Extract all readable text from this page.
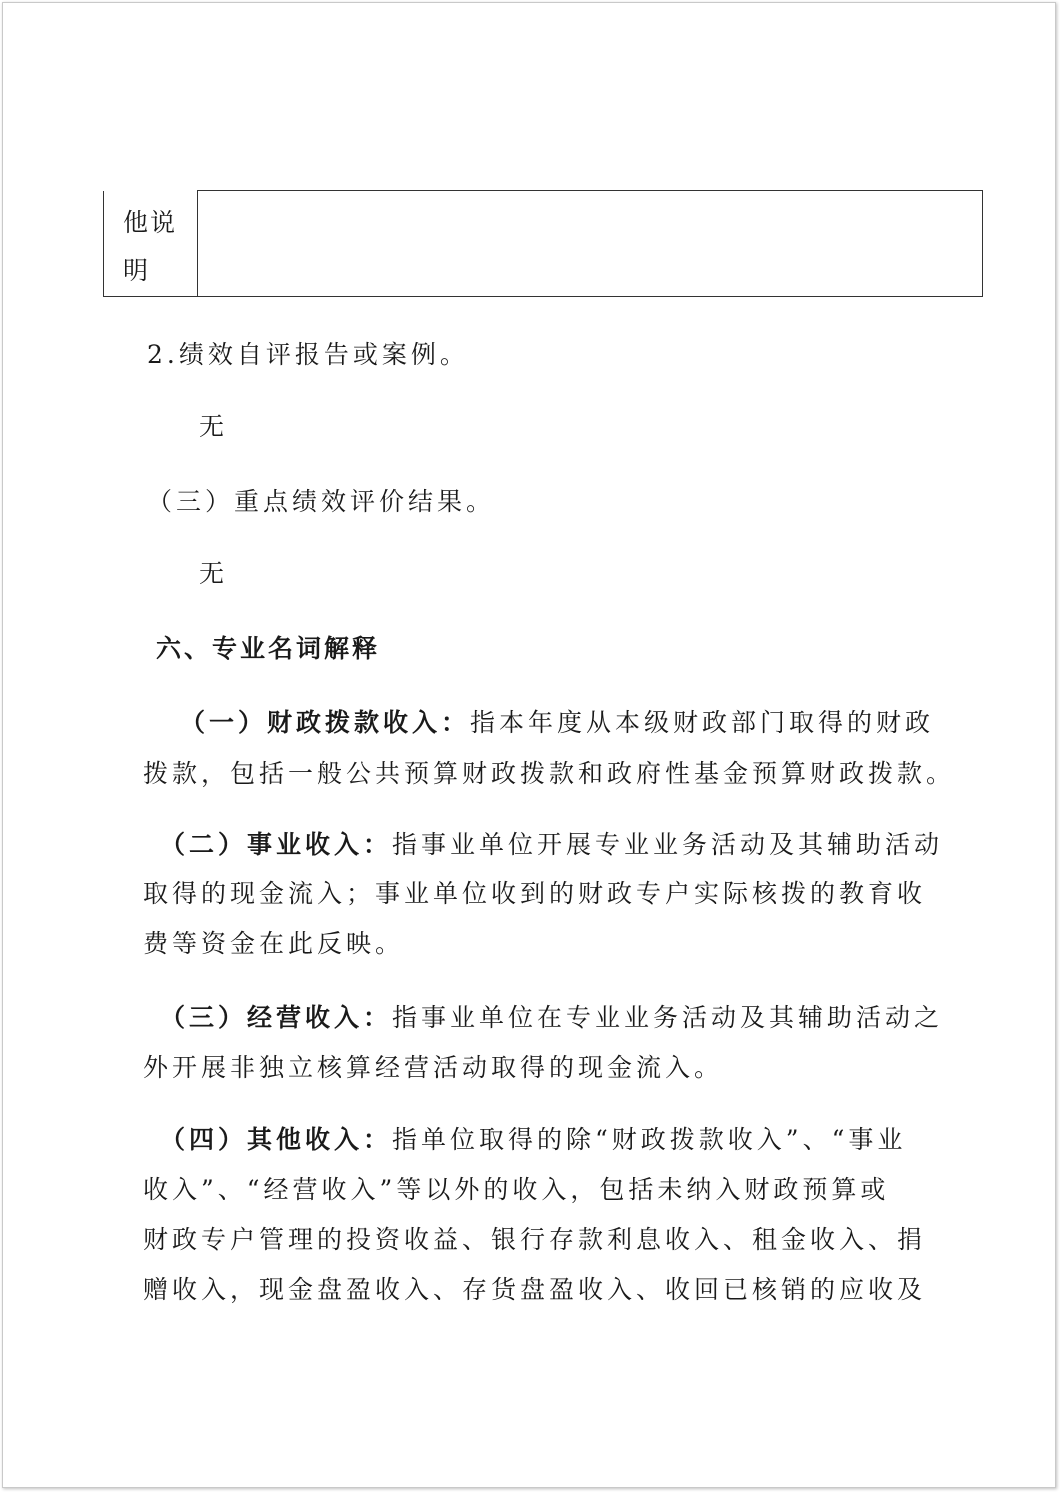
他说明

2.绩效自评报告或案例。

无

（三）重点绩效评价结果。

无

六、专业名词解释

（一）财政拨款收入：指本年度从本级财政部门取得的财政

拨款，包括一般公共预算财政拨款和政府性基金预算财政拨款。

（二）事业收入：指事业单位开展专业业务活动及其辅助活动

取得的现金流入；事业单位收到的财政专户实际核拨的教育收

费等资金在此反映。

（三）经营收入：指事业单位在专业业务活动及其辅助活动之

外开展非独立核算经营活动取得的现金流入。

（四）其他收入：指单位取得的除“财政拨款收入”、“事业

收入”、“经营收入”等以外的收入，包括未纳入财政预算或

财政专户管理的投资收益、银行存款利息收入、租金收入、捐

赠收入，现金盘盈收入、存货盘盈收入、收回已核销的应收及
